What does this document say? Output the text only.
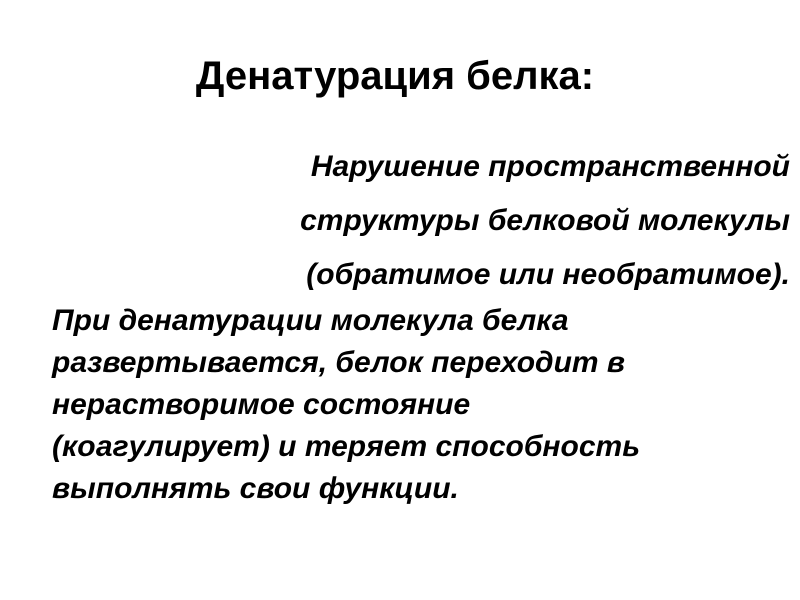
Денатурация белка:
Нарушение пространственной
структуры белковой молекулы
(обратимое или необратимое).
При денатурации молекула белка
развертывается, белок переходит в
нерастворимое состояние
(коагулирует) и теряет способность
выполнять свои функции.
